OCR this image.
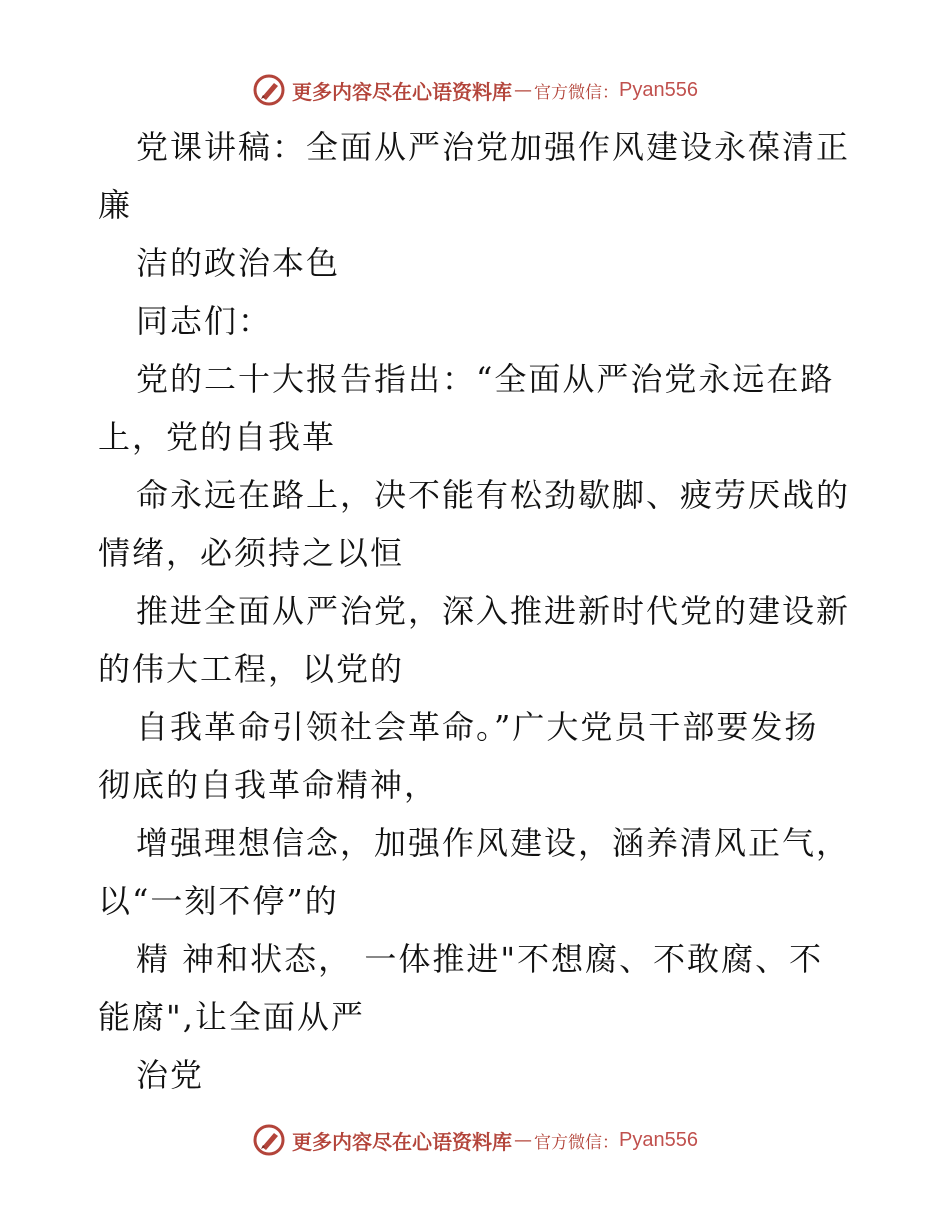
更多内容尽在心语资料库 — 官方微信： Pyan556
党课讲稿：全面从严治党加强作风建设永葆清正
廉
洁的政治本色
同志们：
党的二十大报告指出：“全面从严治党永远在路
上，党的自我革
命永远在路上，决不能有松劲歇脚、疲劳厌战的
情绪，必须持之以恒
推进全面从严治党，深入推进新时代党的建设新
的伟大工程，以党的
自我革命引领社会革命。”广大党员干部要发扬
彻底的自我革命精神，
增强理想信念，加强作风建设，涵养清风正气，
以“一刻不停”的
精 神和状态， 一体推进"不想腐、不敢腐、不
能腐",让全面从严
治党
更多内容尽在心语资料库 — 官方微信： Pyan556
